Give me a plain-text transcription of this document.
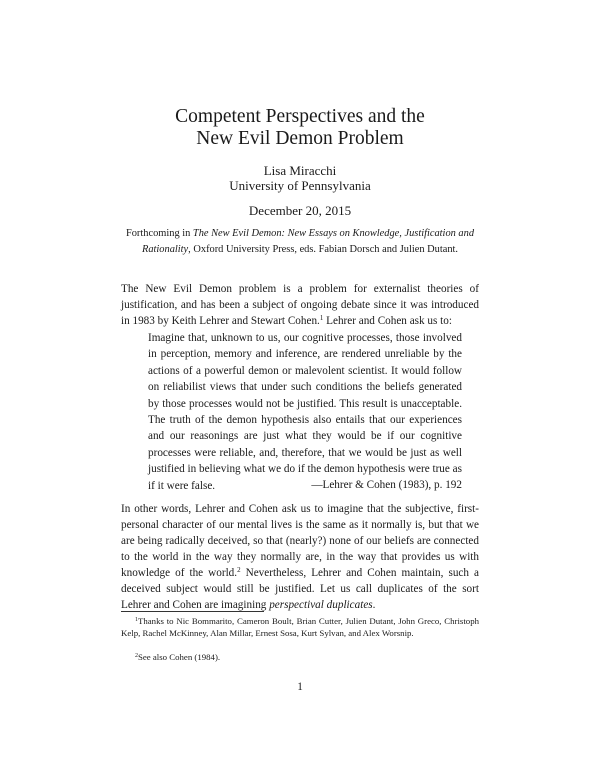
Competent Perspectives and the
New Evil Demon Problem
Lisa Miracchi
University of Pennsylvania
December 20, 2015
Forthcoming in The New Evil Demon: New Essays on Knowledge, Justification and
Rationality, Oxford University Press, eds. Fabian Dorsch and Julien Dutant.
The New Evil Demon problem is a problem for externalist theories of justification, and has been a subject of ongoing debate since it was introduced in 1983 by Keith Lehrer and Stewart Cohen.$^1$ Lehrer and Cohen ask us to:
Imagine that, unknown to us, our cognitive processes, those involved in perception, memory and inference, are rendered unreliable by the actions of a powerful demon or malevolent scientist. It would follow on reliabilist views that under such conditions the beliefs generated by those processes would not be justified. This result is unacceptable. The truth of the demon hypothesis also entails that our experiences and our reasonings are just what they would be if our cognitive processes were reliable, and, therefore, that we would be just as well justified in believing what we do if the demon hypothesis were true as if it were false.	—Lehrer & Cohen (1983), p. 192
In other words, Lehrer and Cohen ask us to imagine that the subjective, first-personal character of our mental lives is the same as it normally is, but that we are being radically deceived, so that (nearly?) none of our beliefs are connected to the world in the way they normally are, in the way that provides us with knowledge of the world.$^2$ Nevertheless, Lehrer and Cohen maintain, such a deceived subject would still be justified. Let us call duplicates of the sort Lehrer and Cohen are imagining perspectival duplicates.
$^1$Thanks to Nic Bommarito, Cameron Boult, Brian Cutter, Julien Dutant, John Greco, Christoph Kelp, Rachel McKinney, Alan Millar, Ernest Sosa, Kurt Sylvan, and Alex Worsnip.
$^2$See also Cohen (1984).
1
